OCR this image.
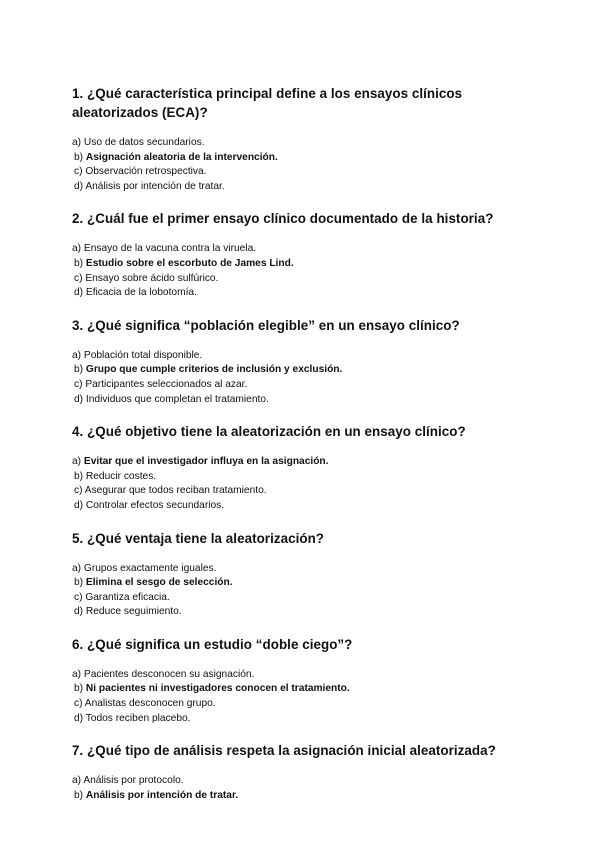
1. ¿Qué característica principal define a los ensayos clínicos aleatorizados (ECA)?

a) Uso de datos secundarios.
b) Asignación aleatoria de la intervención.
c) Observación retrospectiva.
d) Análisis por intención de tratar.

2. ¿Cuál fue el primer ensayo clínico documentado de la historia?

a) Ensayo de la vacuna contra la viruela.
b) Estudio sobre el escorbuto de James Lind.
c) Ensayo sobre ácido sulfúrico.
d) Eficacia de la lobotomía.

3. ¿Qué significa “población elegible” en un ensayo clínico?

a) Población total disponible.
b) Grupo que cumple criterios de inclusión y exclusión.
c) Participantes seleccionados al azar.
d) Individuos que completan el tratamiento.

4. ¿Qué objetivo tiene la aleatorización en un ensayo clínico?

a) Evitar que el investigador influya en la asignación.
b) Reducir costes.
c) Asegurar que todos reciban tratamiento.
d) Controlar efectos secundarios.

5. ¿Qué ventaja tiene la aleatorización?

a) Grupos exactamente iguales.
b) Elimina el sesgo de selección.
c) Garantiza eficacia.
d) Reduce seguimiento.

6. ¿Qué significa un estudio “doble ciego”?

a) Pacientes desconocen su asignación.
b) Ni pacientes ni investigadores conocen el tratamiento.
c) Analistas desconocen grupo.
d) Todos reciben placebo.

7. ¿Qué tipo de análisis respeta la asignación inicial aleatorizada?

a) Análisis por protocolo.
b) Análisis por intención de tratar.
